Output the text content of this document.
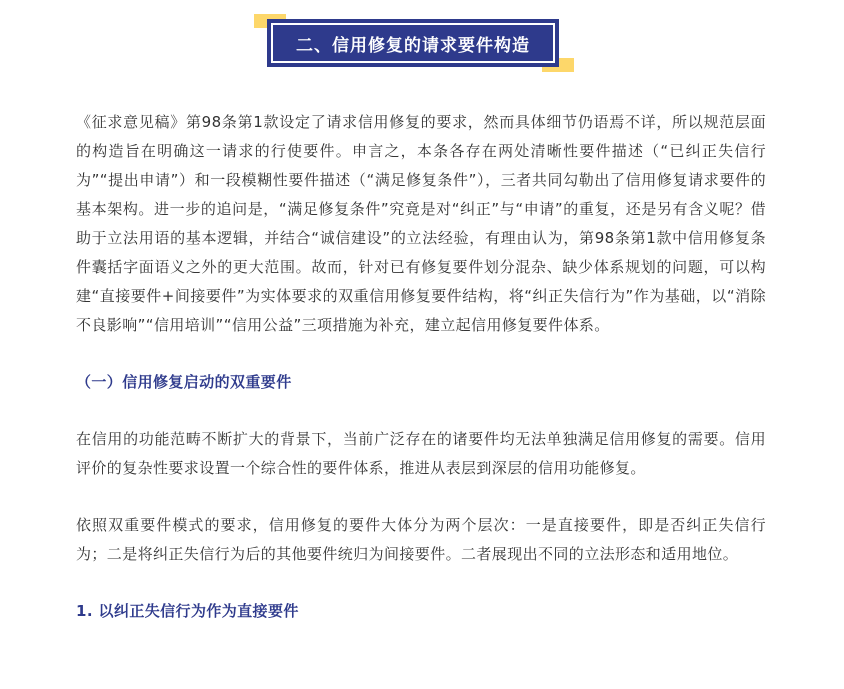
二、信用修复的请求要件构造

《征求意见稿》第98条第1款设定了请求信用修复的要求，然而具体细节仍语焉不详，所以规范层面的构造旨在明确这一请求的行使要件。申言之，本条各存在两处清晰性要件描述（“已纠正失信行为”“提出申请”）和一段模糊性要件描述（“满足修复条件”），三者共同勾勒出了信用修复请求要件的基本架构。进一步的追问是，“满足修复条件”究竟是对“纠正”与“申请”的重复，还是另有含义呢？借助于立法用语的基本逻辑，并结合“诚信建设”的立法经验，有理由认为，第98条第1款中信用修复条件囊括字面语义之外的更大范围。故而，针对已有修复要件划分混杂、缺少体系规划的问题，可以构建“直接要件+间接要件”为实体要求的双重信用修复要件结构，将“纠正失信行为”作为基础，以“消除不良影响”“信用培训”“信用公益”三项措施为补充，建立起信用修复要件体系。

（一）信用修复启动的双重要件

在信用的功能范畴不断扩大的背景下，当前广泛存在的诸要件均无法单独满足信用修复的需要。信用评价的复杂性要求设置一个综合性的要件体系，推进从表层到深层的信用功能修复。

依照双重要件模式的要求，信用修复的要件大体分为两个层次：一是直接要件，即是否纠正失信行为；二是将纠正失信行为后的其他要件统归为间接要件。二者展现出不同的立法形态和适用地位。

1. 以纠正失信行为作为直接要件
